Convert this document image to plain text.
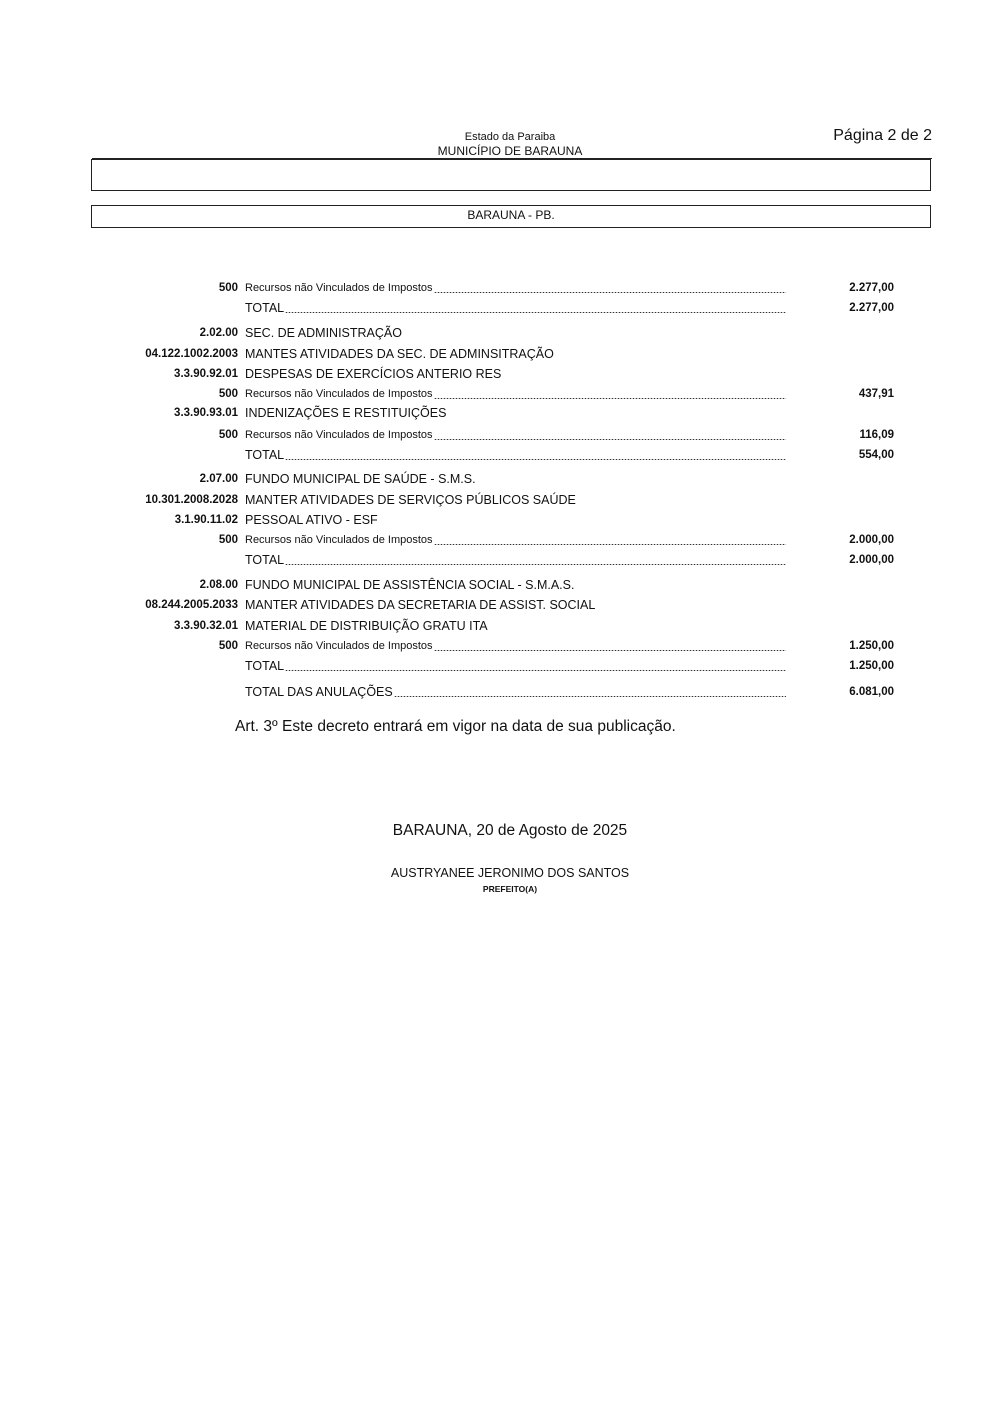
Estado da Paraiba
MUNICÍPIO DE BARAUNA
Página 2 de 2
BARAUNA - PB.
500 Recursos não Vinculados de Impostos	2.277,00
TOTAL	2.277,00
2.02.00 SEC. DE ADMINISTRAÇÃO
04.122.1002.2003 MANTES ATIVIDADES DA SEC. DE ADMINSITRAÇÃO
3.3.90.92.01 DESPESAS DE EXERCÍCIOS ANTERIO RES
500 Recursos não Vinculados de Impostos	437,91
3.3.90.93.01 INDENIZAÇÕES E RESTITUIÇÕES
500 Recursos não Vinculados de Impostos	116,09
TOTAL	554,00
2.07.00 FUNDO MUNICIPAL DE SAÚDE - S.M.S.
10.301.2008.2028 MANTER ATIVIDADES DE SERVIÇOS PÚBLICOS SAÚDE
3.1.90.11.02 PESSOAL ATIVO - ESF
500 Recursos não Vinculados de Impostos	2.000,00
TOTAL	2.000,00
2.08.00 FUNDO MUNICIPAL DE ASSISTÊNCIA SOCIAL - S.M.A.S.
08.244.2005.2033 MANTER ATIVIDADES DA SECRETARIA DE ASSIST. SOCIAL
3.3.90.32.01 MATERIAL DE DISTRIBUIÇÃO GRATU ITA
500 Recursos não Vinculados de Impostos	1.250,00
TOTAL	1.250,00
TOTAL DAS ANULAÇÕES	6.081,00
Art. 3º Este decreto entrará em vigor na data de sua publicação.
BARAUNA, 20 de Agosto de 2025
AUSTRYANEE JERONIMO DOS SANTOS
PREFEITO(A)
